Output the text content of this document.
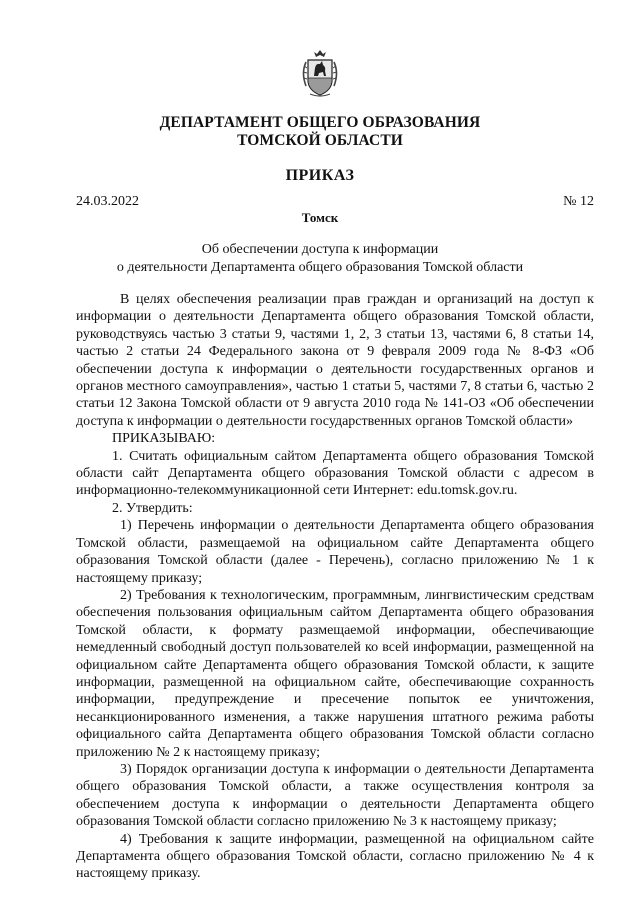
ДЕПАРТАМЕНТ ОБЩЕГО ОБРАЗОВАНИЯ
ТОМСКОЙ ОБЛАСТИ
ПРИКАЗ
24.03.2022	№ 12
Томск
Об обеспечении доступа к информации
о деятельности Департамента общего образования Томской области

В целях обеспечения реализации прав граждан и организаций на доступ к

информации о деятельности Департамента общего образования Томской области,

руководствуясь частью 3 статьи 9, частями 1, 2, 3 статьи 13, частями 6, 8 статьи 14,

частью 2 статьи 24 Федерального закона от 9 февраля 2009 года № 8-ФЗ «Об

обеспечении доступа к информации о деятельности государственных органов и

органов местного самоуправления», частью 1 статьи 5, частями 7, 8 статьи 6, частью 2

статьи 12 Закона Томской области от 9 августа 2010 года № 141-ОЗ «Об обеспечении

доступа к информации о деятельности государственных органов Томской области»

ПРИКАЗЫВАЮ:

1. Считать официальным сайтом Департамента общего образования Томской

области сайт Департамента общего образования Томской области с адресом в

информационно-телекоммуникационной сети Интернет: edu.tomsk.gov.ru.

2. Утвердить:

1) Перечень информации о деятельности Департамента общего образования

Томской области, размещаемой на официальном сайте Департамента общего

образования Томской области (далее - Перечень), согласно приложению № 1 к

настоящему приказу;

2) Требования к технологическим, программным, лингвистическим средствам

обеспечения пользования официальным сайтом Департамента общего образования

Томской области, к формату размещаемой информации, обеспечивающие

немедленный свободный доступ пользователей ко всей информации, размещенной на

официальном сайте Департамента общего образования Томской области, к защите

информации, размещенной на официальном сайте, обеспечивающие сохранность

информации, предупреждение и пресечение попыток ее уничтожения,

несанкционированного изменения, а также нарушения штатного режима работы

официального сайта Департамента общего образования Томской области согласно

приложению № 2 к настоящему приказу;

3) Порядок организации доступа к информации о деятельности Департамента

общего образования Томской области, а также осуществления контроля за

обеспечением доступа к информации о деятельности Департамента общего

образования Томской области согласно приложению № 3 к настоящему приказу;

4) Требования к защите информации, размещенной на официальном сайте

Департамента общего образования Томской области, согласно приложению № 4 к

настоящему приказу.
